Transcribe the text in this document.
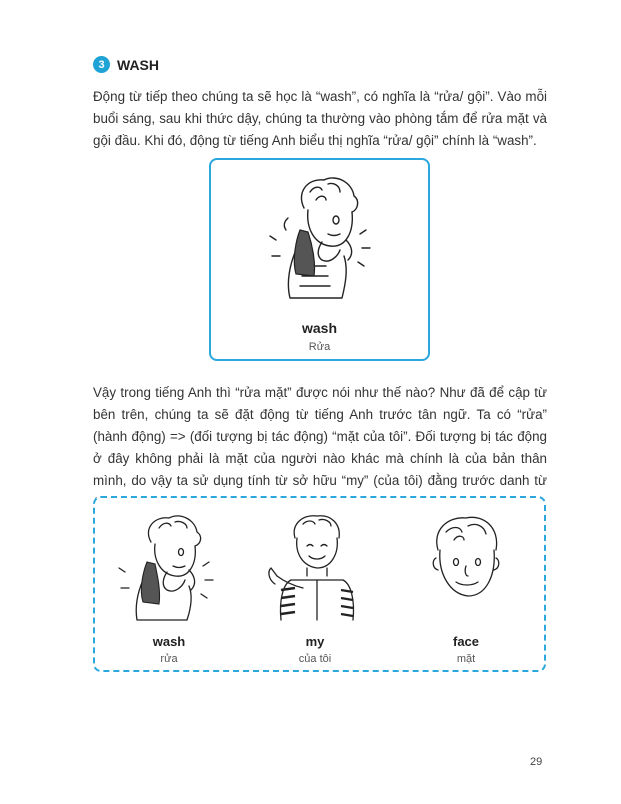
3 WASH
Động từ tiếp theo chúng ta sẽ học là “wash”, có nghĩa là “rửa/ gội”. Vào mỗi buổi sáng, sau khi thức dậy, chúng ta thường vào phòng tắm để rửa mặt và gội đầu. Khi đó, động từ tiếng Anh biểu thị nghĩa “rửa/ gội” chính là “wash”.
wash
Rửa
Vậy trong tiếng Anh thì “rửa mặt” được nói như thế nào? Như đã để cập từ bên trên, chúng ta sẽ đặt động từ tiếng Anh trước tân ngữ. Ta có “rửa” (hành động) => (đối tượng bị tác động) “mặt của tôi”. Đối tượng bị tác động ở đây không phải là mặt của người nào khác mà chính là của bản thân mình, do vậy ta sử dụng tính từ sở hữu “my” (của tôi) đằng trước danh từ
wash
rửa
my
của tôi
face
mặt
29
